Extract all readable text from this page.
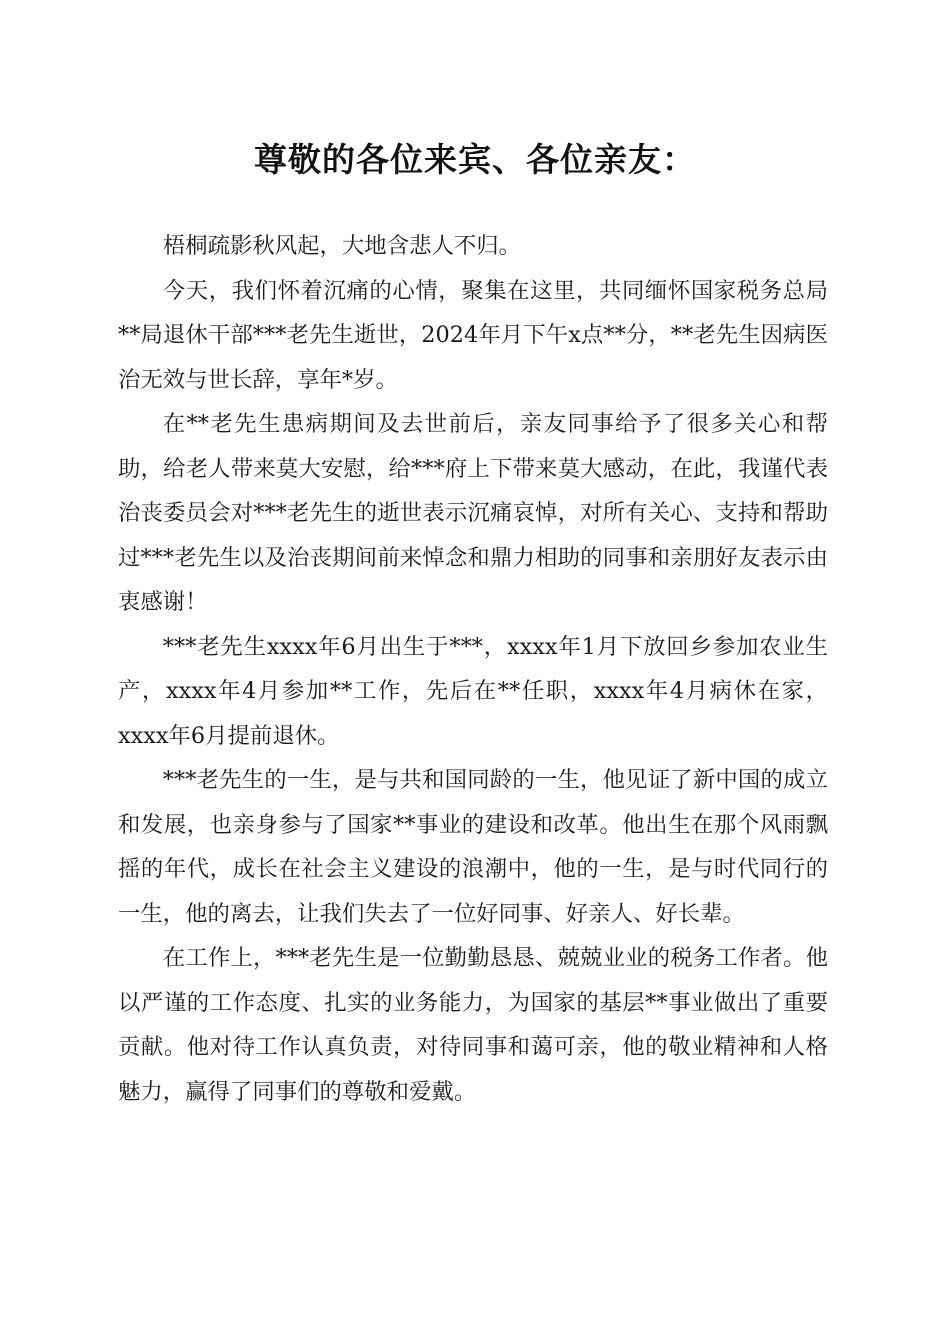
尊敬的各位来宾、各位亲友：

梧桐疏影秋风起，大地含悲人不归。

今天，我们怀着沉痛的心情，聚集在这里，共同缅怀国家税务总局**局退休干部***老先生逝世，2024年月下午x点**分，**老先生因病医治无效与世长辞，享年*岁。

在**老先生患病期间及去世前后，亲友同事给予了很多关心和帮助，给老人带来莫大安慰，给***府上下带来莫大感动，在此，我谨代表治丧委员会对***老先生的逝世表示沉痛哀悼，对所有关心、支持和帮助过***老先生以及治丧期间前来悼念和鼎力相助的同事和亲朋好友表示由衷感谢！

***老先生xxxx年6月出生于***，xxxx年1月下放回乡参加农业生产，xxxx年4月参加**工作，先后在**任职，xxxx年4月病休在家，xxxx年6月提前退休。

***老先生的一生，是与共和国同龄的一生，他见证了新中国的成立和发展，也亲身参与了国家**事业的建设和改革。他出生在那个风雨飘摇的年代，成长在社会主义建设的浪潮中，他的一生，是与时代同行的一生，他的离去，让我们失去了一位好同事、好亲人、好长辈。

在工作上，***老先生是一位勤勤恳恳、兢兢业业的税务工作者。他以严谨的工作态度、扎实的业务能力，为国家的基层**事业做出了重要贡献。他对待工作认真负责，对待同事和蔼可亲，他的敬业精神和人格魅力，赢得了同事们的尊敬和爱戴。
